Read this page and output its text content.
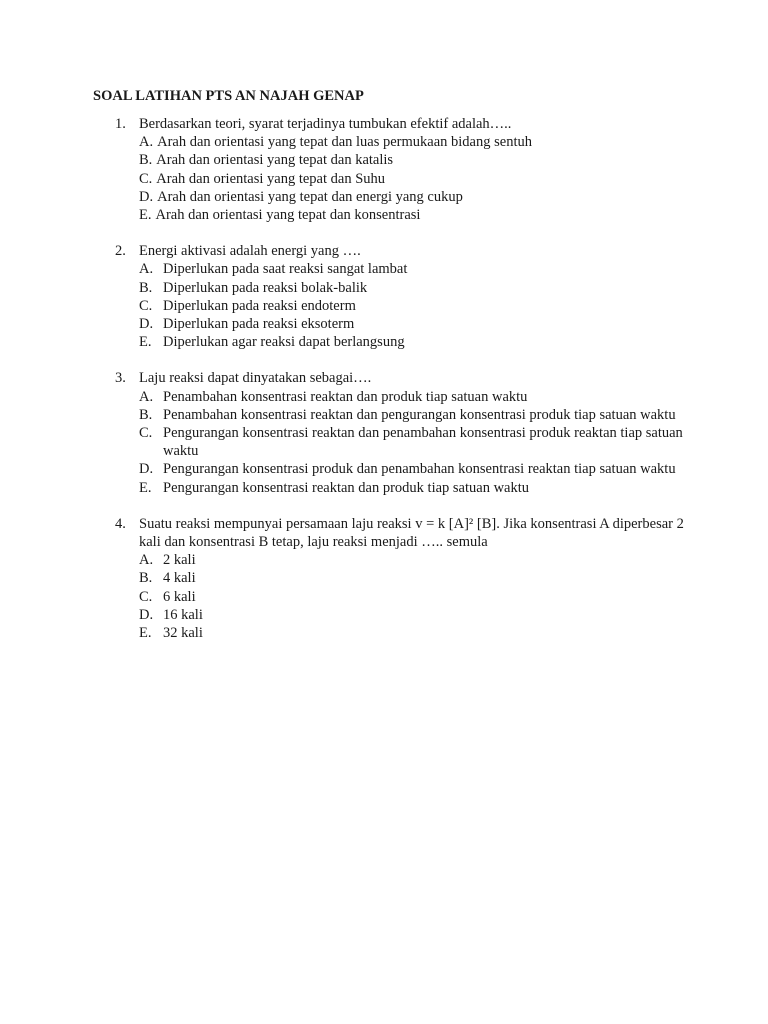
SOAL LATIHAN PTS AN NAJAH GENAP
1. Berdasarkan teori, syarat terjadinya tumbukan efektif adalah…..
A. Arah dan orientasi yang tepat dan luas permukaan bidang sentuh
B. Arah dan orientasi yang tepat dan katalis
C. Arah dan orientasi yang tepat dan Suhu
D. Arah dan orientasi yang tepat dan energi yang cukup
E. Arah dan orientasi yang tepat dan konsentrasi
2. Energi aktivasi adalah energi yang ….
A. Diperlukan pada saat reaksi sangat lambat
B. Diperlukan pada reaksi bolak-balik
C. Diperlukan pada reaksi endoterm
D. Diperlukan pada reaksi eksoterm
E. Diperlukan agar reaksi dapat berlangsung
3. Laju reaksi dapat dinyatakan sebagai….
A. Penambahan konsentrasi reaktan dan produk tiap satuan waktu
B. Penambahan konsentrasi reaktan dan pengurangan konsentrasi produk tiap satuan waktu
C. Pengurangan konsentrasi reaktan dan penambahan konsentrasi produk reaktan tiap satuan waktu
D. Pengurangan konsentrasi produk dan penambahan konsentrasi reaktan tiap satuan waktu
E. Pengurangan konsentrasi reaktan dan produk tiap satuan waktu
4. Suatu reaksi mempunyai persamaan laju reaksi v = k [A]² [B]. Jika konsentrasi A diperbesar 2 kali dan konsentrasi B tetap, laju reaksi menjadi ….. semula
A. 2 kali
B. 4 kali
C. 6 kali
D. 16 kali
E. 32 kali
